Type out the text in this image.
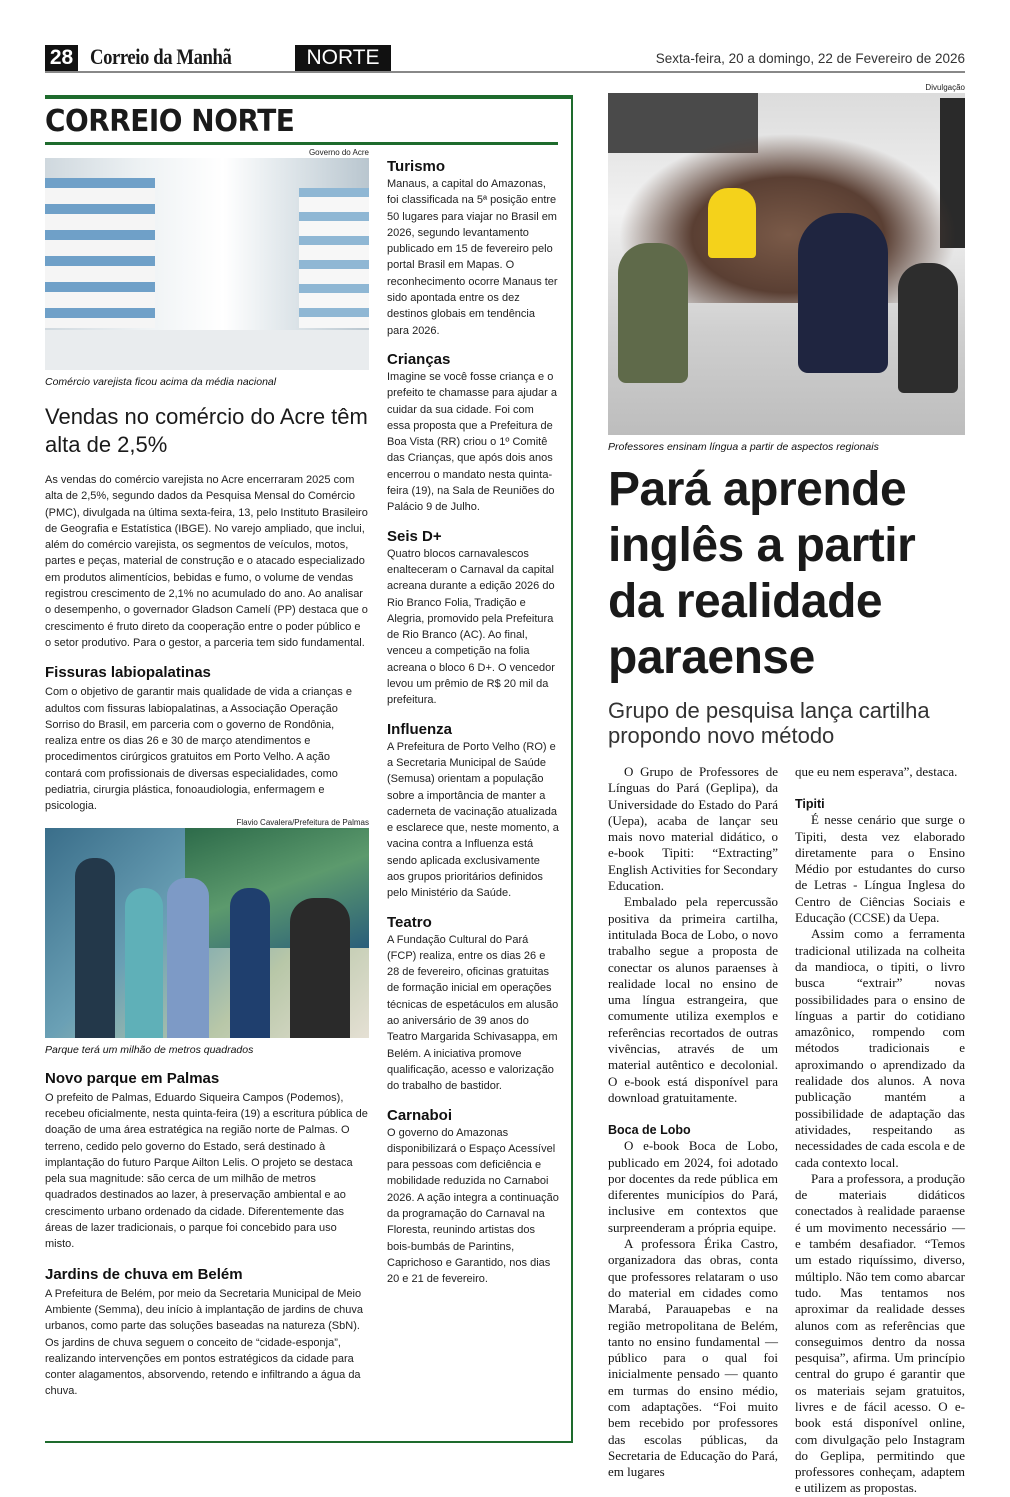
28 Correio da Manhã	NORTE	Sexta-feira, 20 a domingo, 22 de Fevereiro de 2026
CORREIO NORTE
Governo do Acre
Comércio varejista ficou acima da média nacional
Vendas no comércio do Acre têm alta de 2,5%
As vendas do comércio varejista no Acre encerraram 2025 com alta de 2,5%, segundo dados da Pesquisa Mensal do Comércio (PMC), divulgada na última sexta-feira, 13, pelo Instituto Brasileiro de Geografia e Estatística (IBGE). No varejo ampliado, que inclui, além do comércio varejista, os segmentos de veículos, motos, partes e peças, material de construção e o atacado especializado em produtos alimentícios, bebidas e fumo, o volume de vendas registrou crescimento de 2,1% no acumulado do ano. Ao analisar o desempenho, o governador Gladson Camelí (PP) destaca que o crescimento é fruto direto da cooperação entre o poder público e o setor produtivo. Para o gestor, a parceria tem sido fundamental.
Fissuras labiopalatinas
Com o objetivo de garantir mais qualidade de vida a crianças e adultos com fissuras labiopalatinas, a Associação Operação Sorriso do Brasil, em parceria com o governo de Rondônia, realiza entre os dias 26 e 30 de março atendimentos e procedimentos cirúrgicos gratuitos em Porto Velho. A ação contará com profissionais de diversas especialidades, como pediatria, cirurgia plástica, fonoaudiologia, enfermagem e psicologia.
Flavio Cavalera/Prefeitura de Palmas
Parque terá um milhão de metros quadrados
Novo parque em Palmas
O prefeito de Palmas, Eduardo Siqueira Campos (Podemos), recebeu oficialmente, nesta quinta-feira (19) a escritura pública de doação de uma área estratégica na região norte de Palmas. O terreno, cedido pelo governo do Estado, será destinado à implantação do futuro Parque Ailton Lelis. O projeto se destaca pela sua magnitude: são cerca de um milhão de metros quadrados destinados ao lazer, à preservação ambiental e ao crescimento urbano ordenado da cidade. Diferentemente das áreas de lazer tradicionais, o parque foi concebido para uso misto.
Jardins de chuva em Belém
A Prefeitura de Belém, por meio da Secretaria Municipal de Meio Ambiente (Semma), deu início à implantação de jardins de chuva urbanos, como parte das soluções baseadas na natureza (SbN). Os jardins de chuva seguem o conceito de “cidade-esponja”, realizando intervenções em pontos estratégicos da cidade para conter alagamentos, absorvendo, retendo e infiltrando a água da chuva.
Turismo
Manaus, a capital do Amazonas, foi classificada na 5ª posição entre 50 lugares para viajar no Brasil em 2026, segundo levantamento publicado em 15 de fevereiro pelo portal Brasil em Mapas. O reconhecimento ocorre Manaus ter sido apontada entre os dez destinos globais em tendência para 2026.
Crianças
Imagine se você fosse criança e o prefeito te chamasse para ajudar a cuidar da sua cidade. Foi com essa proposta que a Prefeitura de Boa Vista (RR) criou o 1º Comitê das Crianças, que após dois anos encerrou o mandato nesta quinta-feira (19), na Sala de Reuniões do Palácio 9 de Julho.
Seis D+
Quatro blocos carnavalescos enalteceram o Carnaval da capital acreana durante a edição 2026 do Rio Branco Folia, Tradição e Alegria, promovido pela Prefeitura de Rio Branco (AC). Ao final, venceu a competição na folia acreana o bloco 6 D+. O vencedor levou um prêmio de R$ 20 mil da prefeitura.
Influenza
A Prefeitura de Porto Velho (RO) e a Secretaria Municipal de Saúde (Semusa) orientam a população sobre a importância de manter a caderneta de vacinação atualizada e esclarece que, neste momento, a vacina contra a Influenza está sendo aplicada exclusivamente aos grupos prioritários definidos pelo Ministério da Saúde.
Teatro
A Fundação Cultural do Pará (FCP) realiza, entre os dias 26 e 28 de fevereiro, oficinas gratuitas de formação inicial em operações técnicas de espetáculos em alusão ao aniversário de 39 anos do Teatro Margarida Schivasappa, em Belém. A iniciativa promove qualificação, acesso e valorização do trabalho de bastidor.
Carnaboi
O governo do Amazonas disponibilizará o Espaço Acessível para pessoas com deficiência e mobilidade reduzida no Carnaboi 2026. A ação integra a continuação da programação do Carnaval na Floresta, reunindo artistas dos bois-bumbás de Parintins, Caprichoso e Garantido, nos dias 20 e 21 de fevereiro.
Divulgação
Professores ensinam língua a partir de aspectos regionais
Pará aprende inglês a partir da realidade paraense
Grupo de pesquisa lança cartilha propondo novo método

O Grupo de Professores de Línguas do Pará (Geplipa), da Universidade do Estado do Pará (Uepa), acaba de lançar seu mais novo material didático, o e-book Tipiti: “Extracting” English Activities for Secondary Education.

Embalado pela repercussão positiva da primeira cartilha, intitulada Boca de Lobo, o novo trabalho segue a proposta de conectar os alunos paraenses à realidade local no ensino de uma língua estrangeira, que comumente utiliza exemplos e referências recortados de outras vivências, através de um material autêntico e decolonial. O e-book está disponível para download gratuitamente.

Boca de Lobo

O e-book Boca de Lobo, publicado em 2024, foi adotado por docentes da rede pública em diferentes municípios do Pará, inclusive em contextos que surpreenderam a própria equipe.

A professora Érika Castro, organizadora das obras, conta que professores relataram o uso do material em cidades como Marabá, Parauapebas e na região metropolitana de Belém, tanto no ensino fundamental — público para o qual foi inicialmente pensado — quanto em turmas do ensino médio, com adaptações. “Foi muito bem recebido por professores das escolas públicas, da Secretaria de Educação do Pará, em lugares

que eu nem esperava”, destaca.

Tipiti

É nesse cenário que surge o Tipiti, desta vez elaborado diretamente para o Ensino Médio por estudantes do curso de Letras - Língua Inglesa do Centro de Ciências Sociais e Educação (CCSE) da Uepa.

Assim como a ferramenta tradicional utilizada na colheita da mandioca, o tipiti, o livro busca “extrair” novas possibilidades para o ensino de línguas a partir do cotidiano amazônico, rompendo com métodos tradicionais e aproximando o aprendizado da realidade dos alunos. A nova publicação mantém a possibilidade de adaptação das atividades, respeitando as necessidades de cada escola e de cada contexto local.

Para a professora, a produção de materiais didáticos conectados à realidade paraense é um movimento necessário — e também desafiador. “Temos um estado riquíssimo, diverso, múltiplo. Não tem como abarcar tudo. Mas tentamos nos aproximar da realidade desses alunos com as referências que conseguimos dentro da nossa pesquisa”, afirma. Um princípio central do grupo é garantir que os materiais sejam gratuitos, livres e de fácil acesso. O e-book está disponível online, com divulgação pelo Instagram do Geplipa, permitindo que professores conheçam, adaptem e utilizem as propostas.
